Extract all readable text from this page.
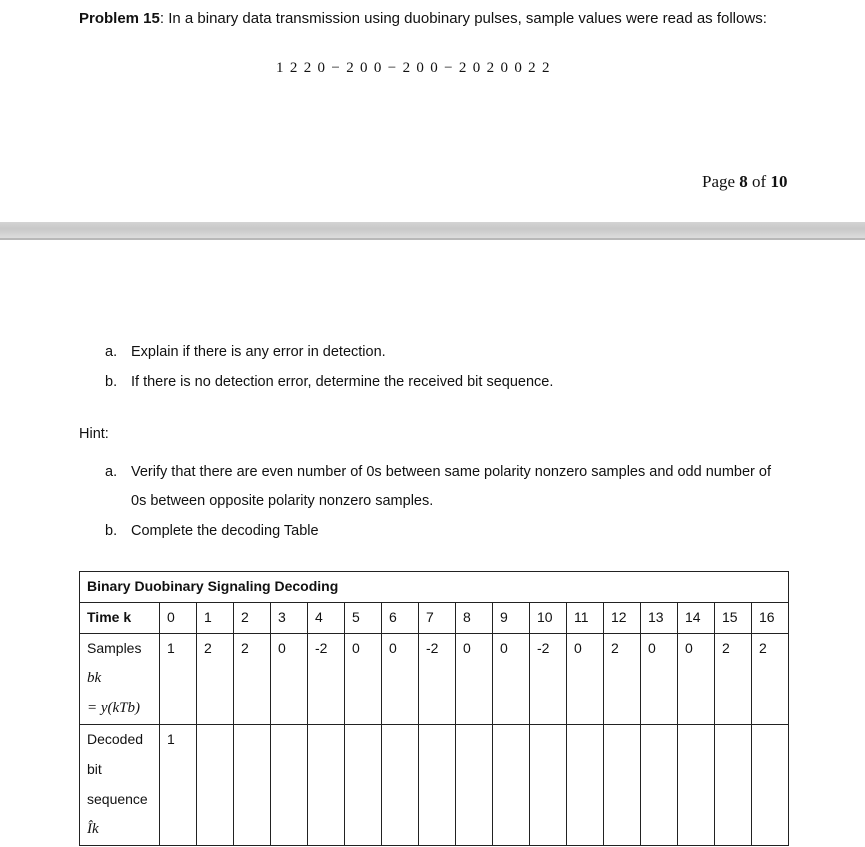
Problem 15: In a binary data transmission using duobinary pulses, sample values were read as follows:
1 2 2 0 − 2 0 0 − 2 0 0 − 2 0 2 0 0 2 2
Page 8 of 10
a. Explain if there is any error in detection.
b. If there is no detection error, determine the received bit sequence.
Hint:
a. Verify that there are even number of 0s between same polarity nonzero samples and odd number of
0s between opposite polarity nonzero samples.
b. Complete the decoding Table
Binary Duobinary Signaling Decoding																	
Time k	0	1	2	3	4	5	6	7	8	9	10	11	12	13	14	15	16

Samples
bk
= y(kTb)	1	2	2	0	-2	0	0	-2	0	0	-2	0	2	0	0	2	2

Decoded
bit
sequence
Îk	1																
